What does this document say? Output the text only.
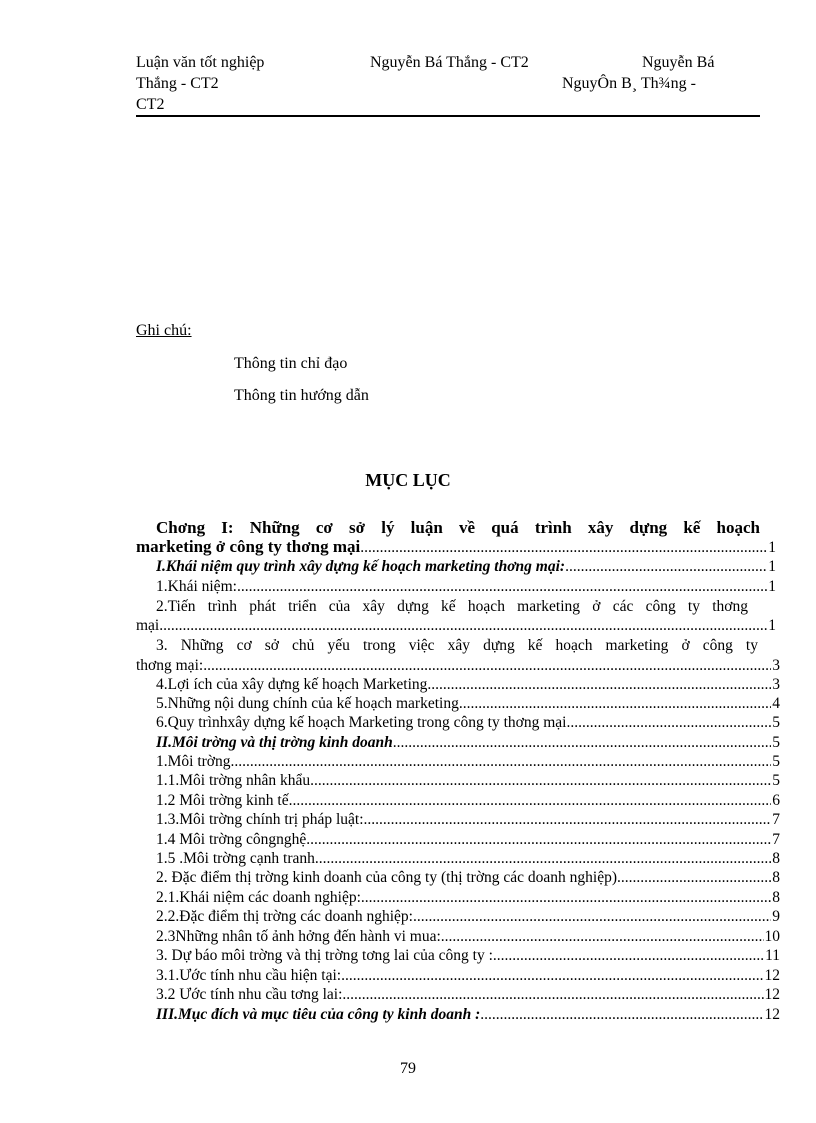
Luận văn tốt nghiệp	Nguyễn Bá Thắng - CT2	Nguyễn Bá
Thắng - CT2	NguyÔn B¸ Th¾ng -
CT2
Ghi chú:
Thông tin chỉ đạo
Thông tin hướng dẫn
MỤC LỤC
Chơng I: Những cơ sở lý luận về quá trình xây dựng kế hoạch
marketing ở công ty thơng mại .....	1
I.Khái niệm quy trình xây dựng kế hoạch marketing thơng mại: .....	1
1.Khái niệm: .....	1
2.Tiến trình phát triển của xây dựng kế hoạch marketing ở các công ty thơng
mại .....	1
3. Những cơ sở chủ yếu trong việc xây dựng kế hoạch marketing ở công ty
thơng mại: .....	3
4.Lợi ích của xây dựng kế hoạch Marketing .....	3
5.Những nội dung chính của kế hoạch marketing .....	4
6.Quy trìnhxây dựng kế hoạch Marketing trong công ty thơng mại .....	5
II.Môi trờng và thị trờng kinh doanh .....	5
1.Môi trờng .....	5
1.1.Môi trờng nhân khẩu .....	5
1.2 Môi trờng kinh tế .....	6
1.3.Môi trờng chính trị pháp luật: .....	7
1.4 Môi trờng côngnghệ .....	7
1.5 .Môi trờng cạnh tranh .....	8
2. Đặc điểm thị trờng kinh doanh của công ty (thị trờng các doanh nghiệp) .....	8
2.1.Khái niệm các doanh nghiệp: .....	8
2.2.Đặc điểm thị trờng các doanh nghiệp: .....	9
2.3Những nhân tố ảnh hởng đến hành vi mua: .....	10
3. Dự báo môi trờng và thị trờng tơng lai của công ty : .....	11
3.1.Ước tính nhu cầu hiện tại: .....	12
3.2 Ước tính nhu cầu tơng lai: .....	12
III.Mục đích và mục tiêu của công ty kinh doanh : .....	12
79
